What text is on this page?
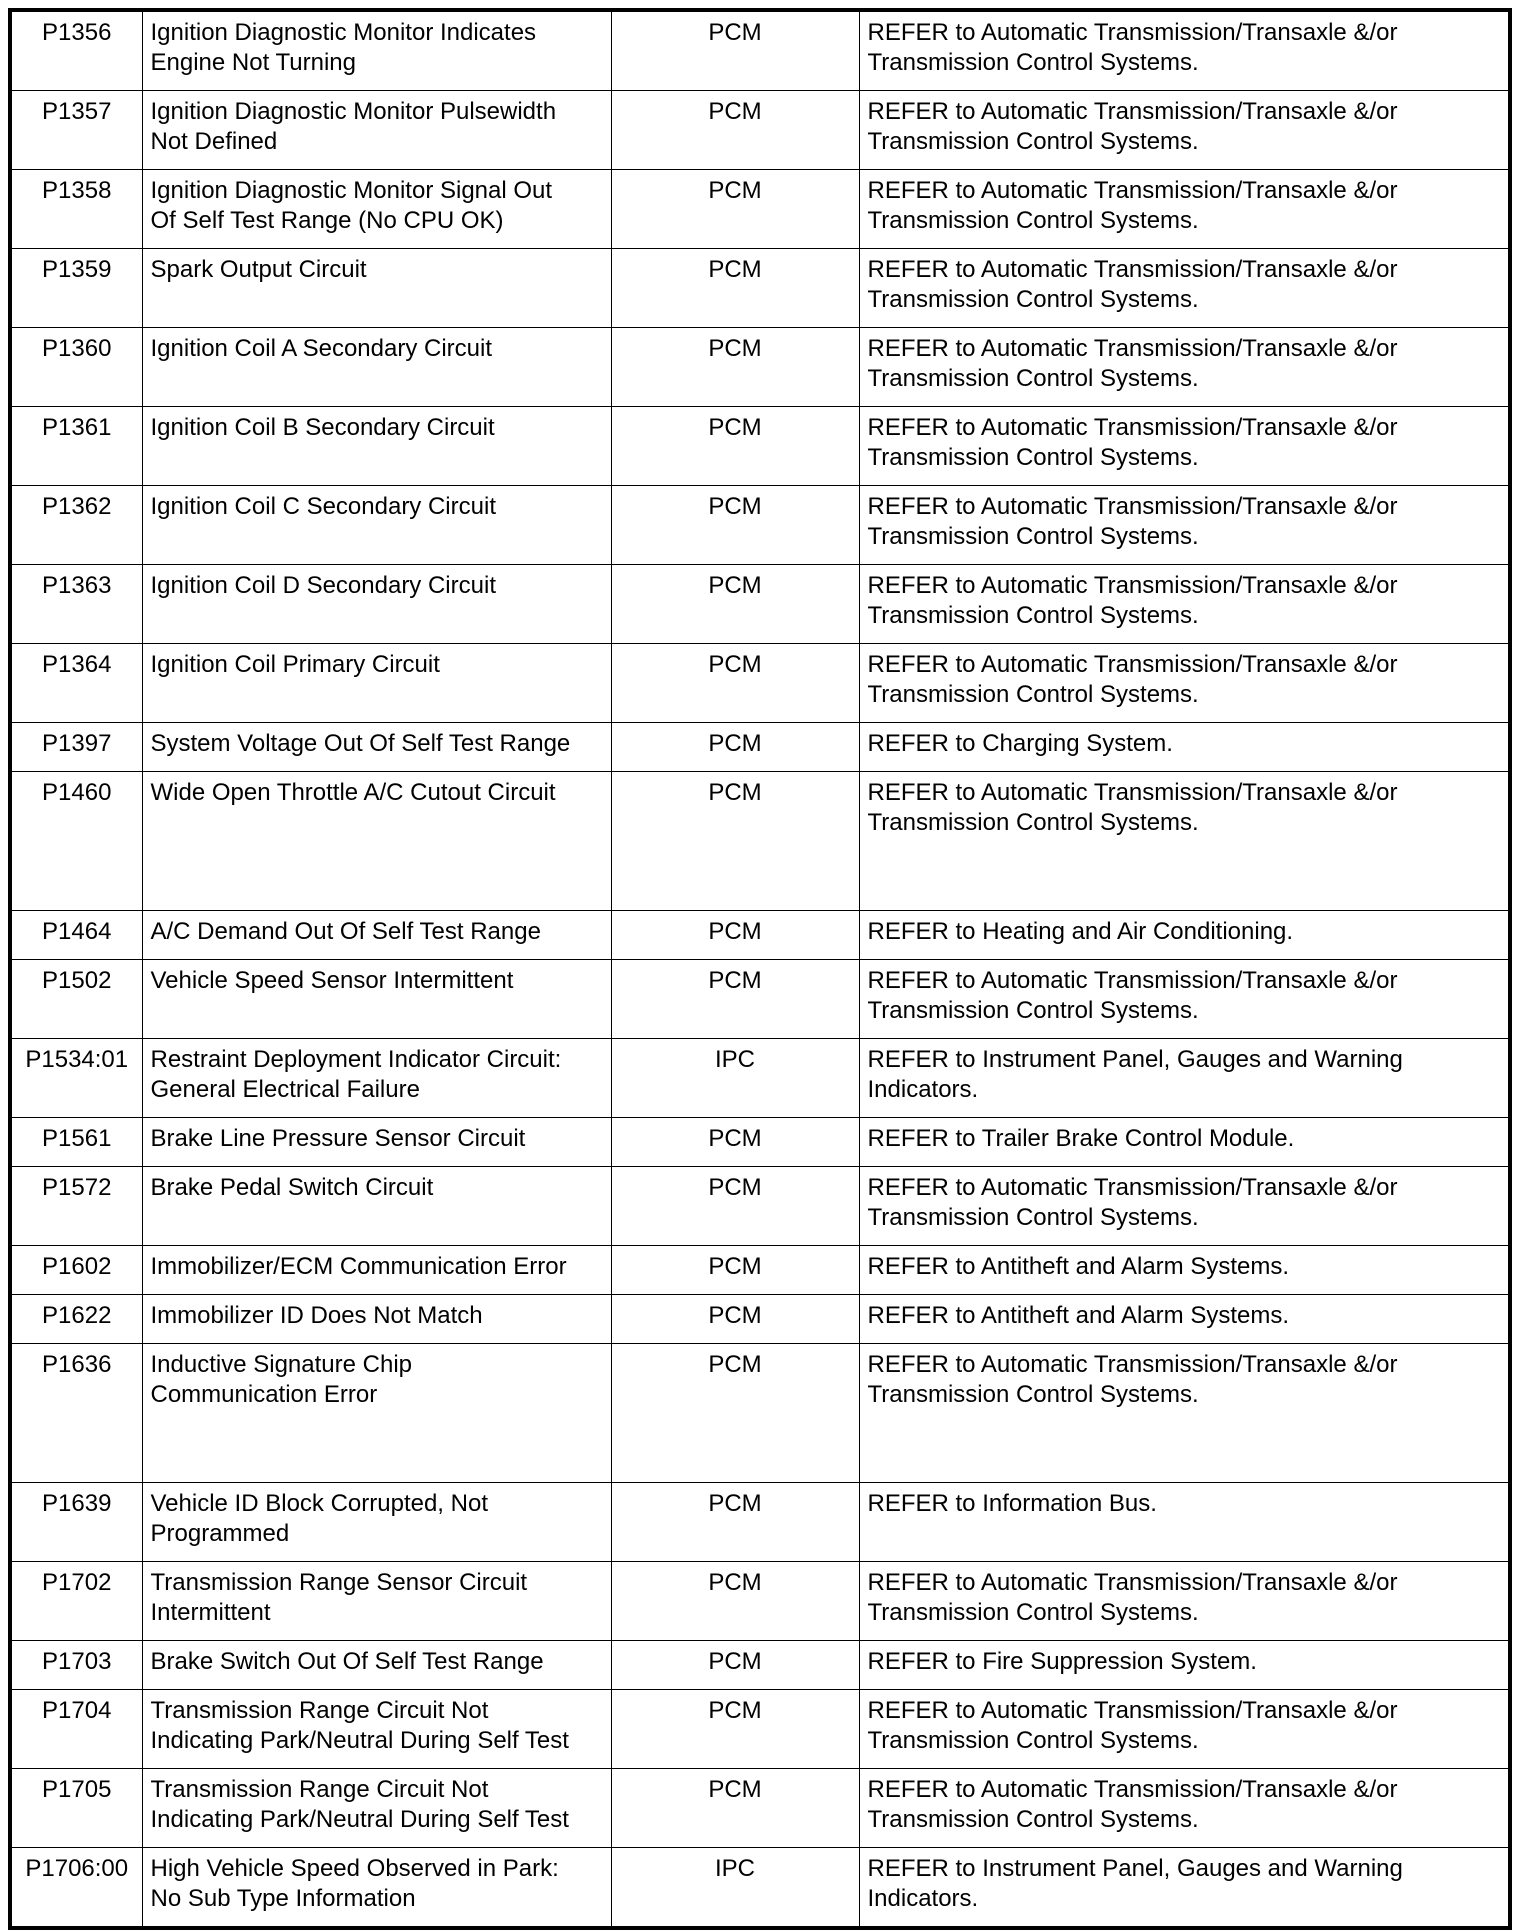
P1356	Ignition Diagnostic Monitor Indicates
Engine Not Turning	PCM	REFER to Automatic Transmission/Transaxle &/or
Transmission Control Systems.
P1357	Ignition Diagnostic Monitor Pulsewidth
Not Defined	PCM	REFER to Automatic Transmission/Transaxle &/or
Transmission Control Systems.
P1358	Ignition Diagnostic Monitor Signal Out
Of Self Test Range (No CPU OK)	PCM	REFER to Automatic Transmission/Transaxle &/or
Transmission Control Systems.
P1359	Spark Output Circuit	PCM	REFER to Automatic Transmission/Transaxle &/or
Transmission Control Systems.
P1360	Ignition Coil A Secondary Circuit	PCM	REFER to Automatic Transmission/Transaxle &/or
Transmission Control Systems.
P1361	Ignition Coil B Secondary Circuit	PCM	REFER to Automatic Transmission/Transaxle &/or
Transmission Control Systems.
P1362	Ignition Coil C Secondary Circuit	PCM	REFER to Automatic Transmission/Transaxle &/or
Transmission Control Systems.
P1363	Ignition Coil D Secondary Circuit	PCM	REFER to Automatic Transmission/Transaxle &/or
Transmission Control Systems.
P1364	Ignition Coil Primary Circuit	PCM	REFER to Automatic Transmission/Transaxle &/or
Transmission Control Systems.
P1397	System Voltage Out Of Self Test Range	PCM	REFER to Charging System.
P1460	Wide Open Throttle A/C Cutout Circuit	PCM	REFER to Automatic Transmission/Transaxle &/or
Transmission Control Systems.
P1464	A/C Demand Out Of Self Test Range	PCM	REFER to Heating and Air Conditioning.
P1502	Vehicle Speed Sensor Intermittent	PCM	REFER to Automatic Transmission/Transaxle &/or
Transmission Control Systems.
P1534:01	Restraint Deployment Indicator Circuit:
General Electrical Failure	IPC	REFER to Instrument Panel, Gauges and Warning
Indicators.
P1561	Brake Line Pressure Sensor Circuit	PCM	REFER to Trailer Brake Control Module.
P1572	Brake Pedal Switch Circuit	PCM	REFER to Automatic Transmission/Transaxle &/or
Transmission Control Systems.
P1602	Immobilizer/ECM Communication Error	PCM	REFER to Antitheft and Alarm Systems.
P1622	Immobilizer ID Does Not Match	PCM	REFER to Antitheft and Alarm Systems.
P1636	Inductive Signature Chip
Communication Error	PCM	REFER to Automatic Transmission/Transaxle &/or
Transmission Control Systems.
P1639	Vehicle ID Block Corrupted, Not
Programmed	PCM	REFER to Information Bus.
P1702	Transmission Range Sensor Circuit
Intermittent	PCM	REFER to Automatic Transmission/Transaxle &/or
Transmission Control Systems.
P1703	Brake Switch Out Of Self Test Range	PCM	REFER to Fire Suppression System.
P1704	Transmission Range Circuit Not
Indicating Park/Neutral During Self Test	PCM	REFER to Automatic Transmission/Transaxle &/or
Transmission Control Systems.
P1705	Transmission Range Circuit Not
Indicating Park/Neutral During Self Test	PCM	REFER to Automatic Transmission/Transaxle &/or
Transmission Control Systems.
P1706:00	High Vehicle Speed Observed in Park:
No Sub Type Information	IPC	REFER to Instrument Panel, Gauges and Warning
Indicators.
